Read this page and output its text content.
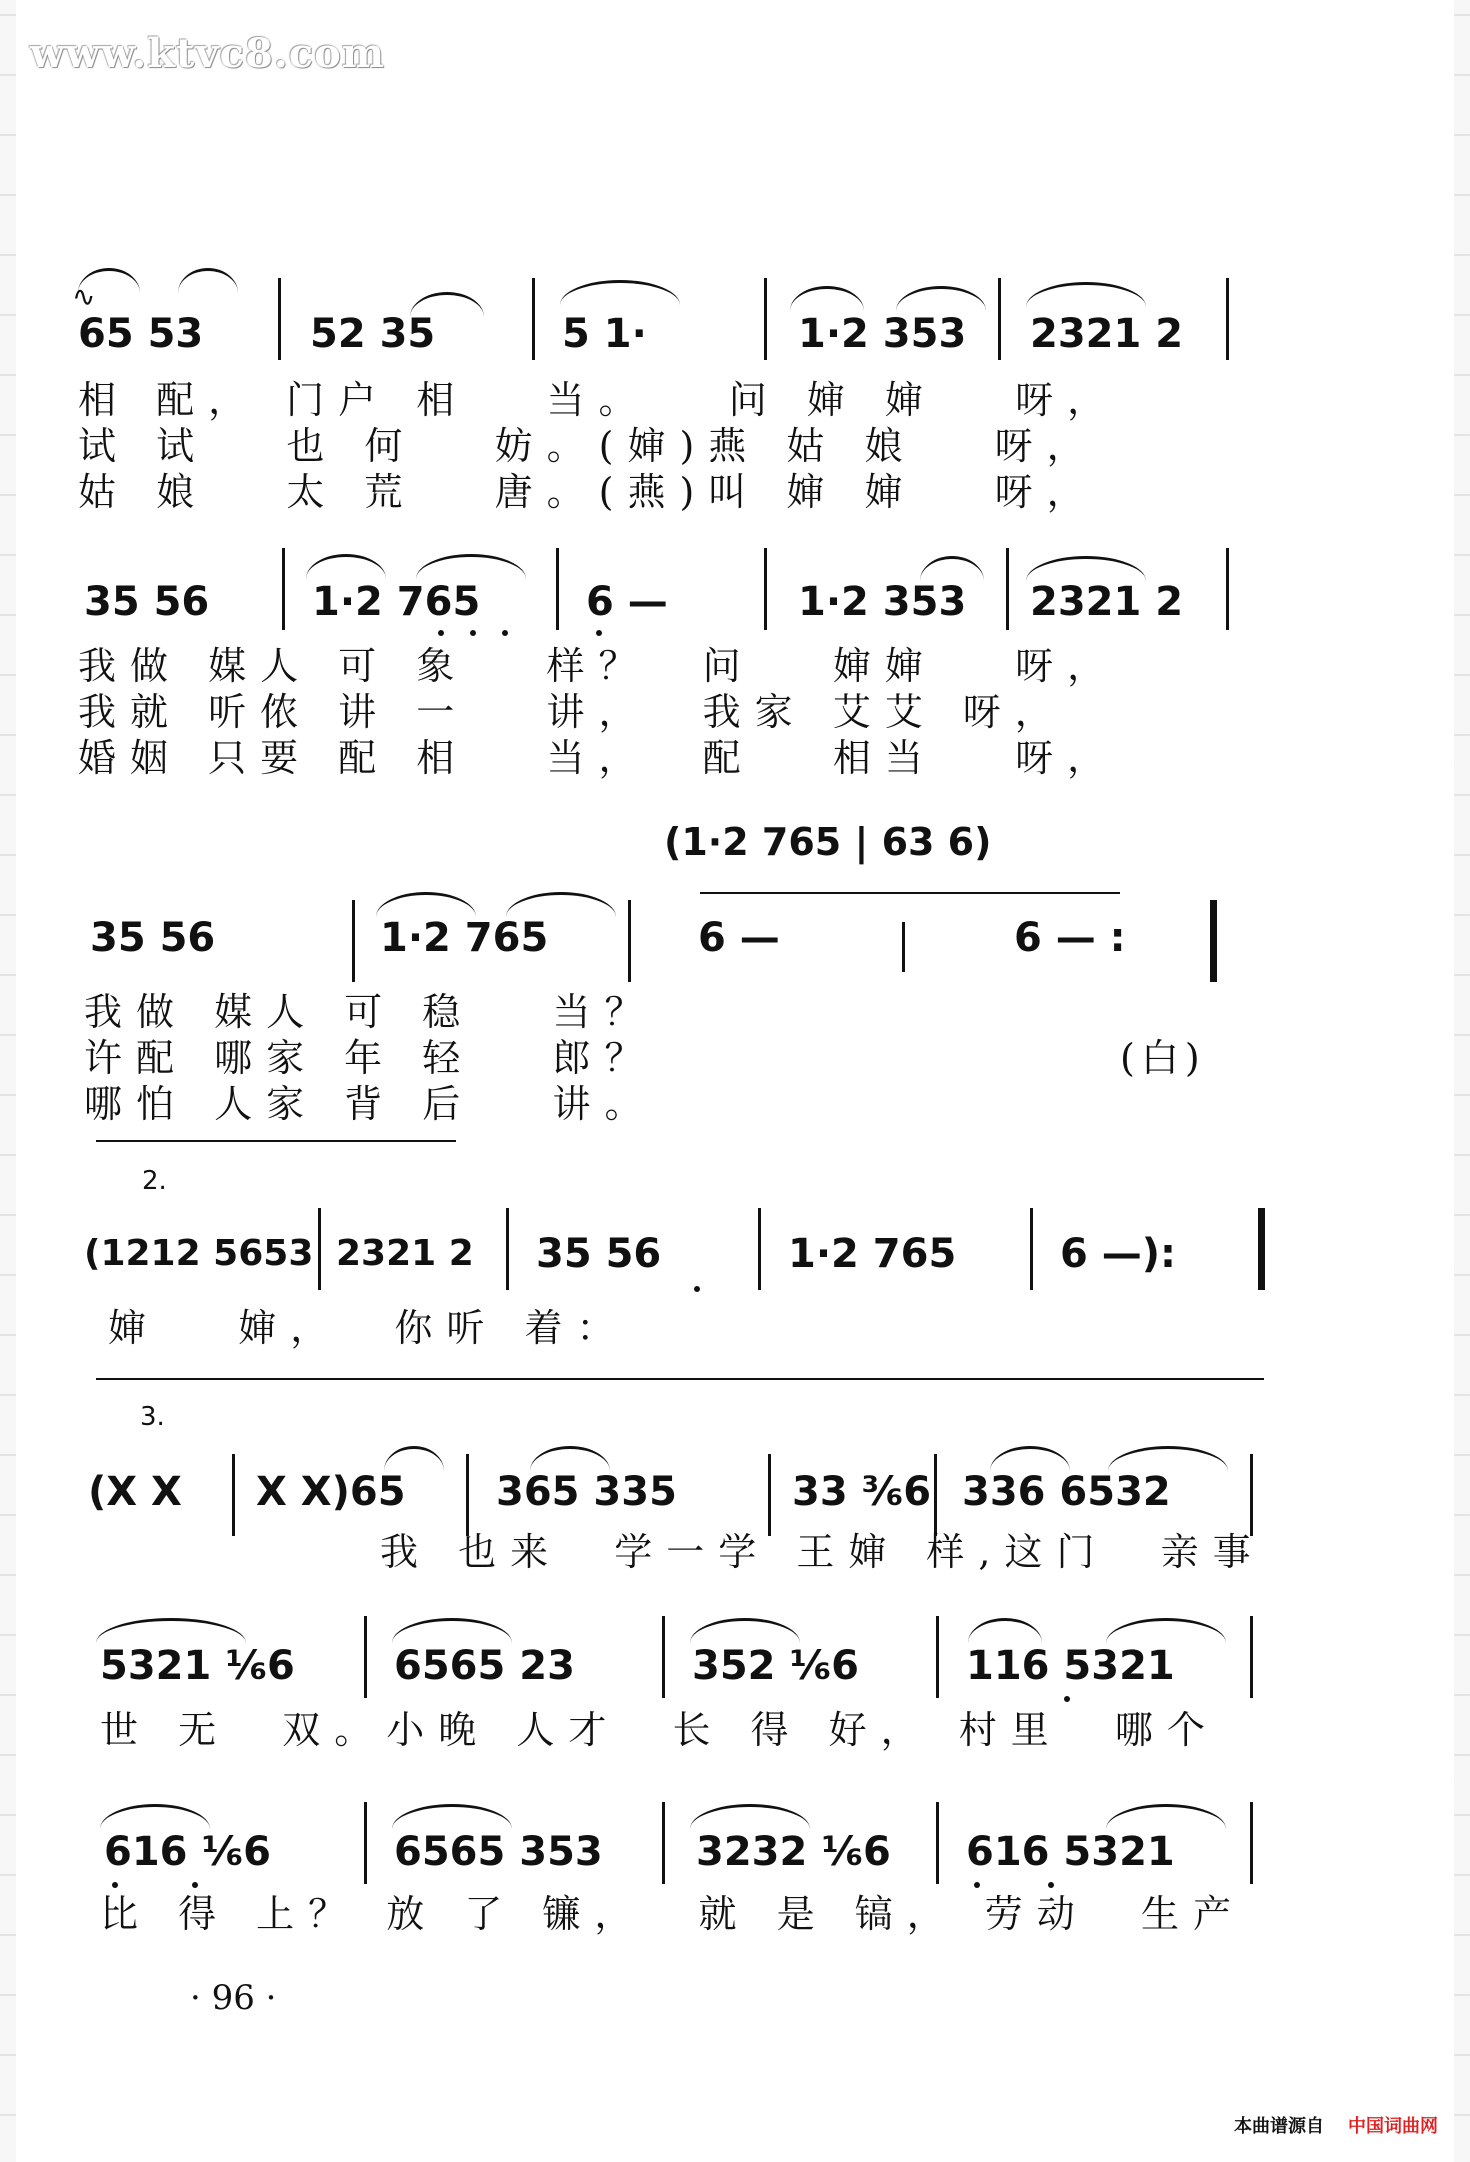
www.ktvc8.com
∿
65 53	52 35	5 1·	1·2 353 2321 2
相 配， 门户 相   当。   问 婶 婶   呀，
试 试   也 何   妨。(婶)燕 姑 娘   呀，
姑 娘   太 荒   唐。(燕)叫 婶 婶   呀，
35 56	1·2 765	6 —	1·2 353 2321 2
我做 媒人 可 象   样？  问   婶婶   呀，
我就 听侬 讲 一   讲，  我家 艾艾 呀，
婚姻 只要 配 相   当，  配   相当   呀，
(1·2 765 | 63 6)
35 56	1·2 765	6 —	6 — :
我做 媒人 可 稳   当？
许配 哪家 年 轻   郎？
哪怕 人家 背 后   讲。
(白)
2.
(1212 5653 2321 2 35 56	1·2 765	6 —):
婶   婶，  你听 着：
3.
(X X X X)65 365 335	33 ³⁄₆6 336 6532
我 也来  学一学 王婶 样,这门  亲事
5321 ¹⁄₆6 6565 23	352 ¹⁄₆6	116 5321
世 无  双。小晚 人才  长 得 好， 村里  哪个
616 ¹⁄₆6	6565 353 3232 ¹⁄₆6 616 5321
比 得 上？ 放 了 镰，  就 是 镐， 劳动  生产
· 96 ·
本曲谱源自 中国词曲网
